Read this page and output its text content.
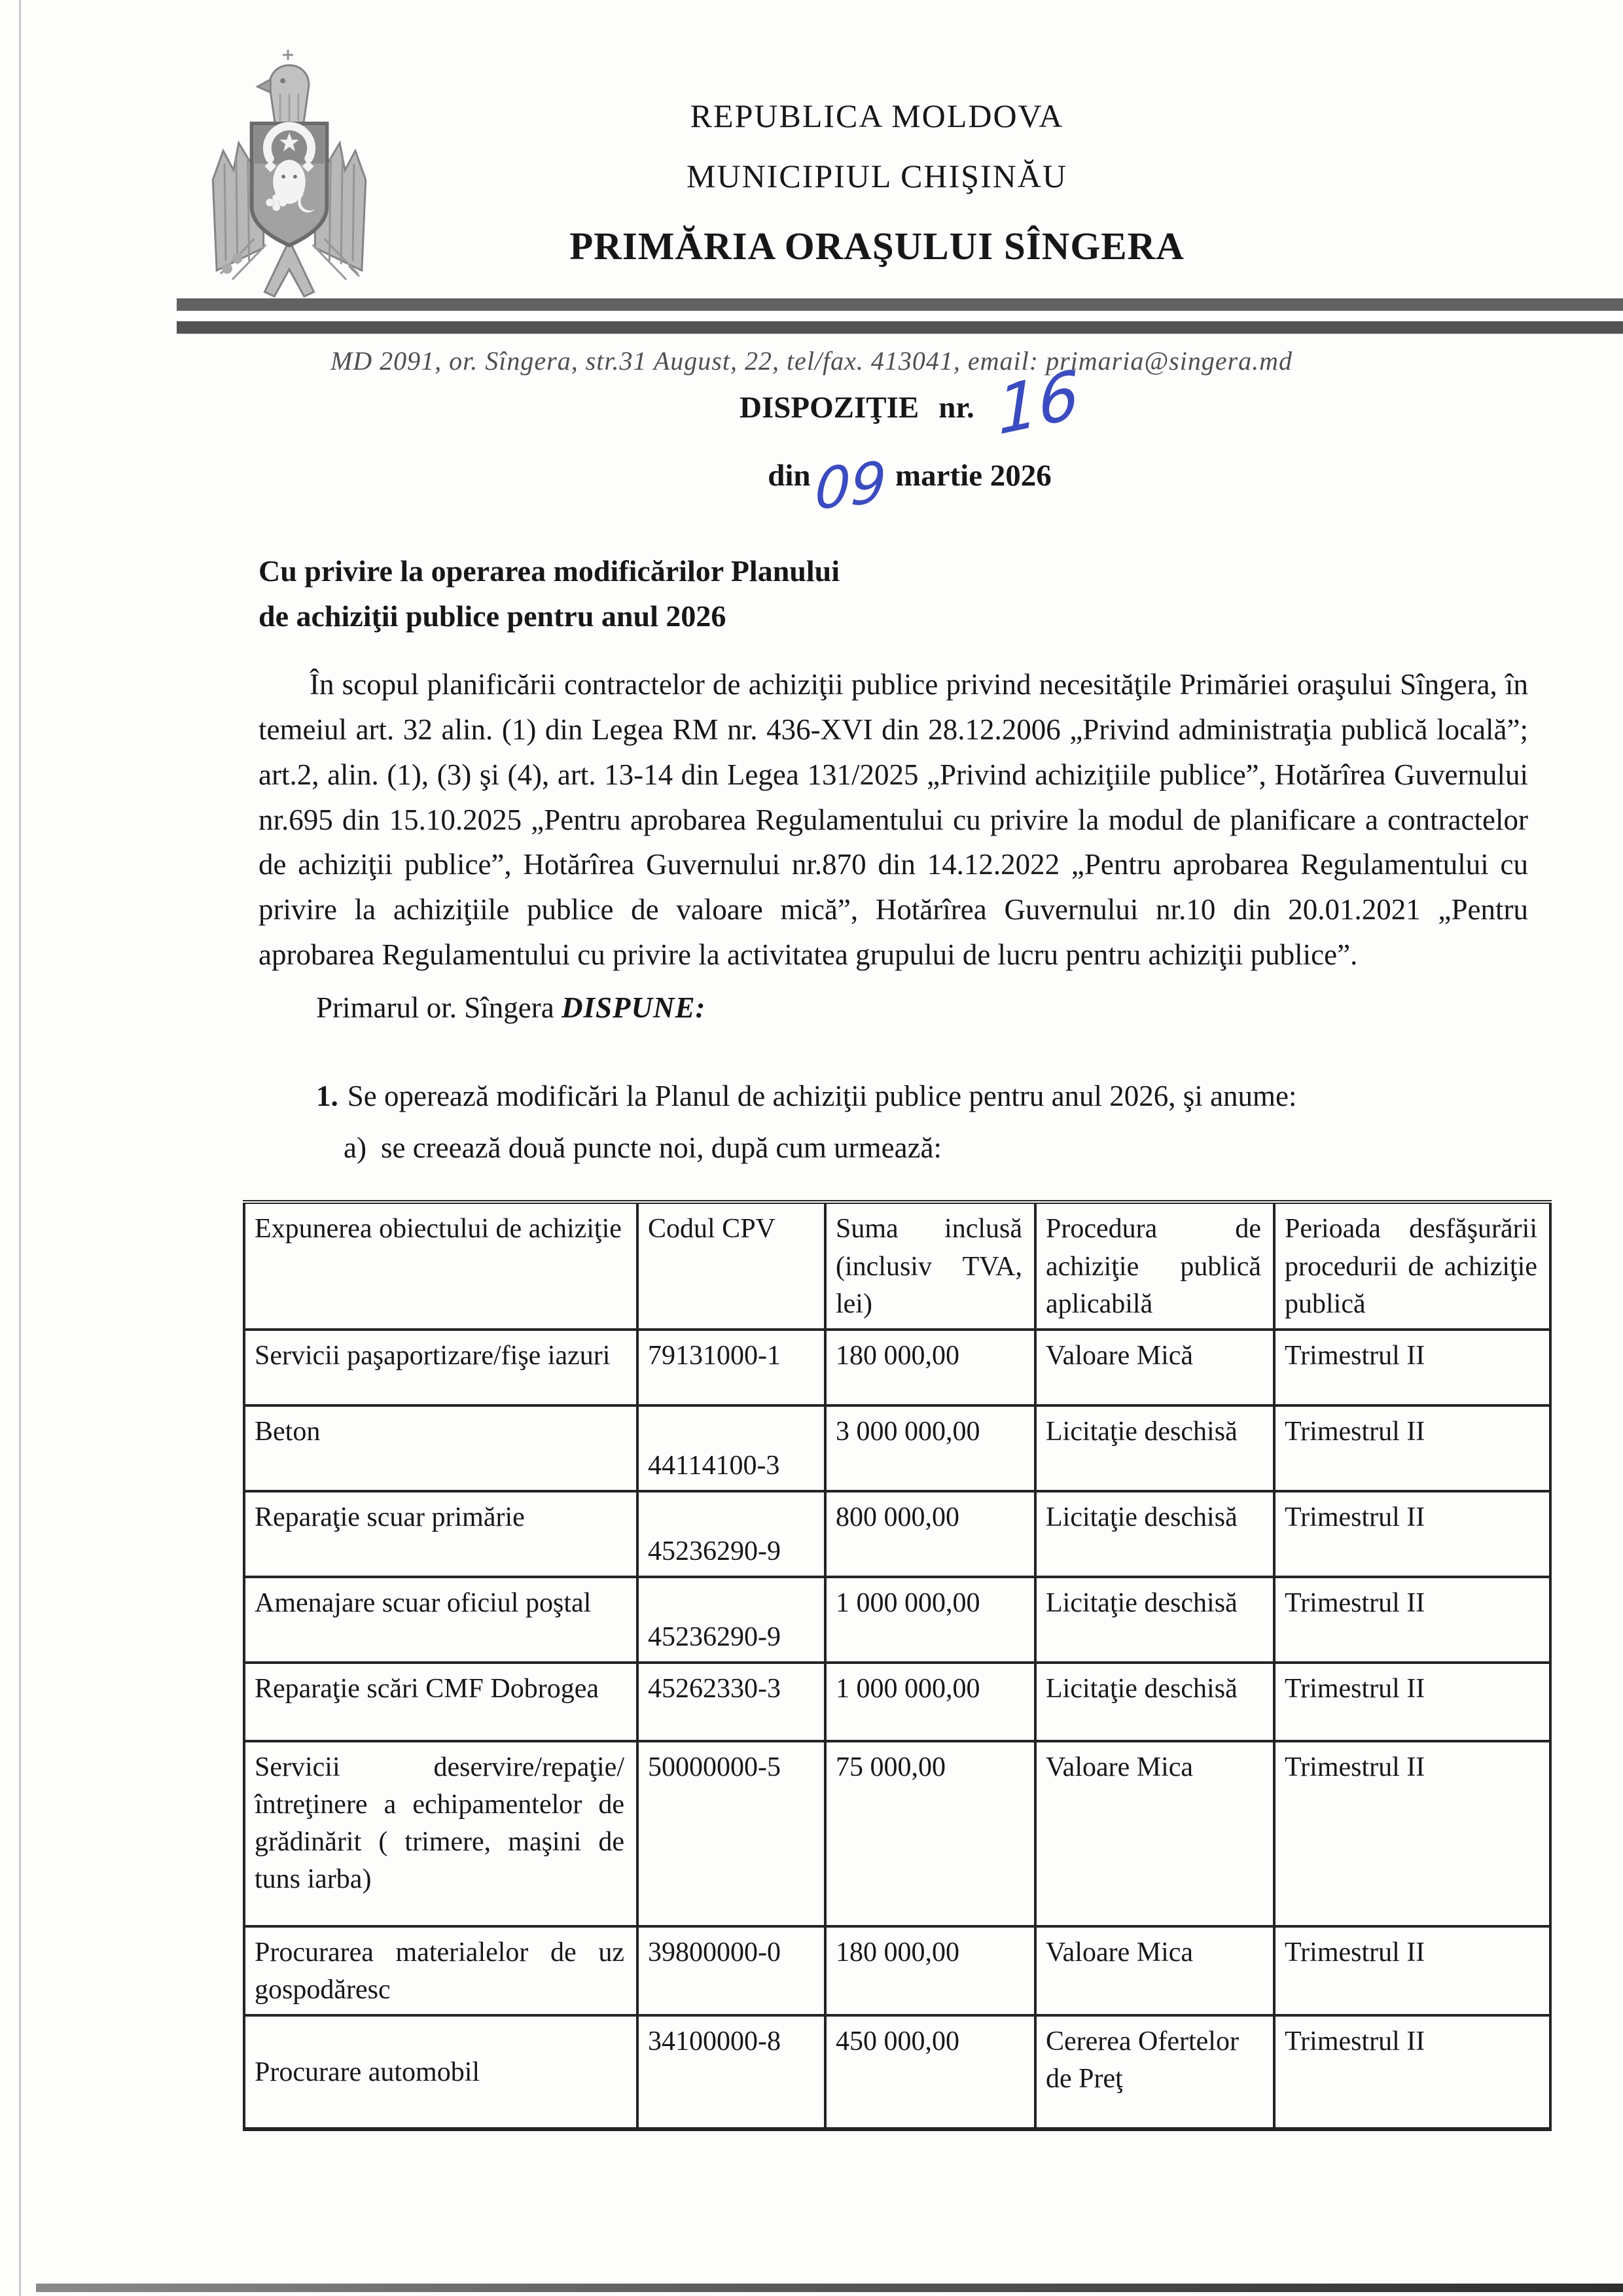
REPUBLICA MOLDOVA

MUNICIPIUL CHIŞINĂU

PRIMĂRIA ORAŞULUI SÎNGERA

MD 2091, or. Sîngera, str.31 August, 22, tel/fax. 413041, email: primaria@singera.md
DISPOZIŢIE nr. 16
din09 martie 2026
Cu privire la operarea modificărilor Planului
de achiziţii publice pentru anul 2026

În scopul planificării contractelor de achiziţii publice privind necesităţile Primăriei oraşului Sîngera, în temeiul art. 32 alin. (1) din Legea RM nr. 436-XVI din 28.12.2006 „Privind administraţia publică locală”; art.2, alin. (1), (3) şi (4), art. 13-14 din Legea 131/2025 „Privind achiziţiile publice”, Hotărîrea Guvernului nr.695 din 15.10.2025 „Pentru aprobarea Regulamentului cu privire la modul de planificare a contractelor de achiziţii publice”, Hotărîrea Guvernului nr.870 din 14.12.2022 „Pentru aprobarea Regulamentului cu privire la achiziţiile publice de valoare mică”, Hotărîrea Guvernului nr.10 din 20.01.2021 „Pentru aprobarea Regulamentului cu privire la activitatea grupului de lucru pentru achiziţii publice”.

Primarul or. Sîngera DISPUNE:

1. Se operează modificări la Planul de achiziţii publice pentru anul 2026, şi anume:

a) se creează două puncte noi, după cum urmează:

Expunerea obiectului de achiziţie	Codul CPV	Suma inclusă (inclusiv TVA, lei)	Procedura de achiziţie publică aplicabilă	Perioada desfăşurării procedurii de achiziţie publică
Servicii paşaportizare/fişe iazuri	79131000-1	180 000,00	Valoare Mică	Trimestrul II
Beton	44114100-3	3 000 000,00	Licitaţie deschisă	Trimestrul II
Reparaţie scuar primărie	45236290-9	800 000,00	Licitaţie deschisă	Trimestrul II
Amenajare scuar oficiul poştal	45236290-9	1 000 000,00	Licitaţie deschisă	Trimestrul II
Reparaţie scări CMF Dobrogea	45262330-3	1 000 000,00	Licitaţie deschisă	Trimestrul II
Servicii deservire/repaţie/întreţinere a echipamentelor de grădinărit ( trimere, maşini de tuns iarba)	50000000-5	75 000,00	Valoare Mica	Trimestrul II
Procurarea materialelor de uz gospodăresc	39800000-0	180 000,00	Valoare Mica	Trimestrul II
Procurare automobil	34100000-8	450 000,00	Cererea Ofertelor de Preţ	Trimestrul II
